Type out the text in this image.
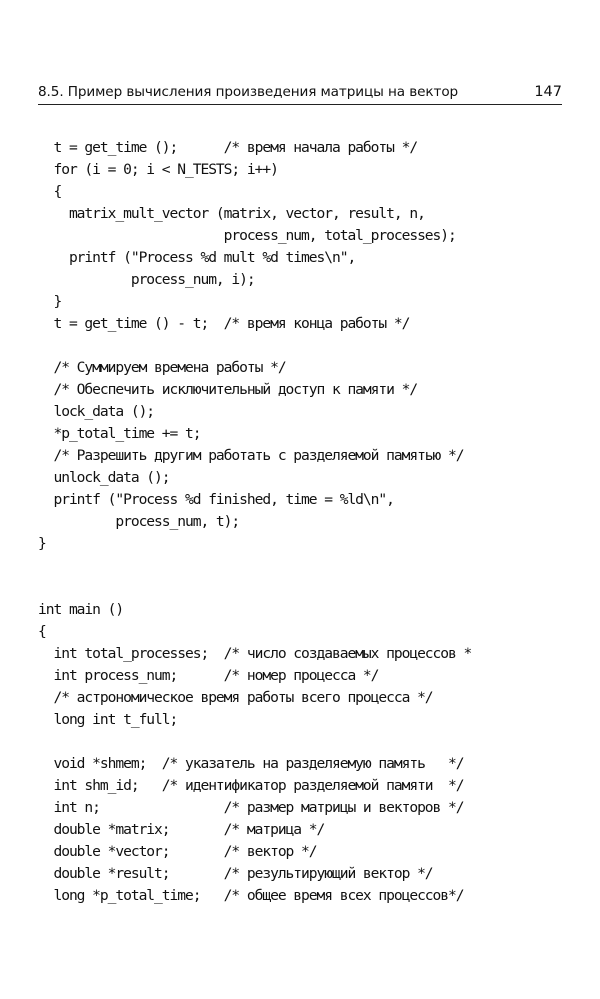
8.5. Пример вычисления произведения матрицы на вектор	147
t = get_time ();      /* время начала работы */
for (i = 0; i < N_TESTS; i++)
{
matrix_mult_vector (matrix, vector, result, n,
process_num, total_processes);
printf ("Process %d mult %d times\n",
process_num, i);
}
t = get_time () - t;  /* время конца работы */
/* Суммируем времена работы */
/* Обеспечить исключительный доступ к памяти */
lock_data ();
*p_total_time += t;
/* Разрешить другим работать с разделяемой памятью */
unlock_data ();
printf ("Process %d finished, time = %ld\n",
process_num, t);
}
int main ()
{
int total_processes;  /* число создаваемых процессов *
int process_num;      /* номер процесса */
/* астрономическое время работы всего процесса */
long int t_full;
void *shmem;  /* указатель на разделяемую память   */
int shm_id;   /* идентификатор разделяемой памяти  */
int n;                /* размер матрицы и векторов */
double *matrix;       /* матрица */
double *vector;       /* вектор */
double *result;       /* результирующий вектор */
long *p_total_time;   /* общее время всех процессов*/
